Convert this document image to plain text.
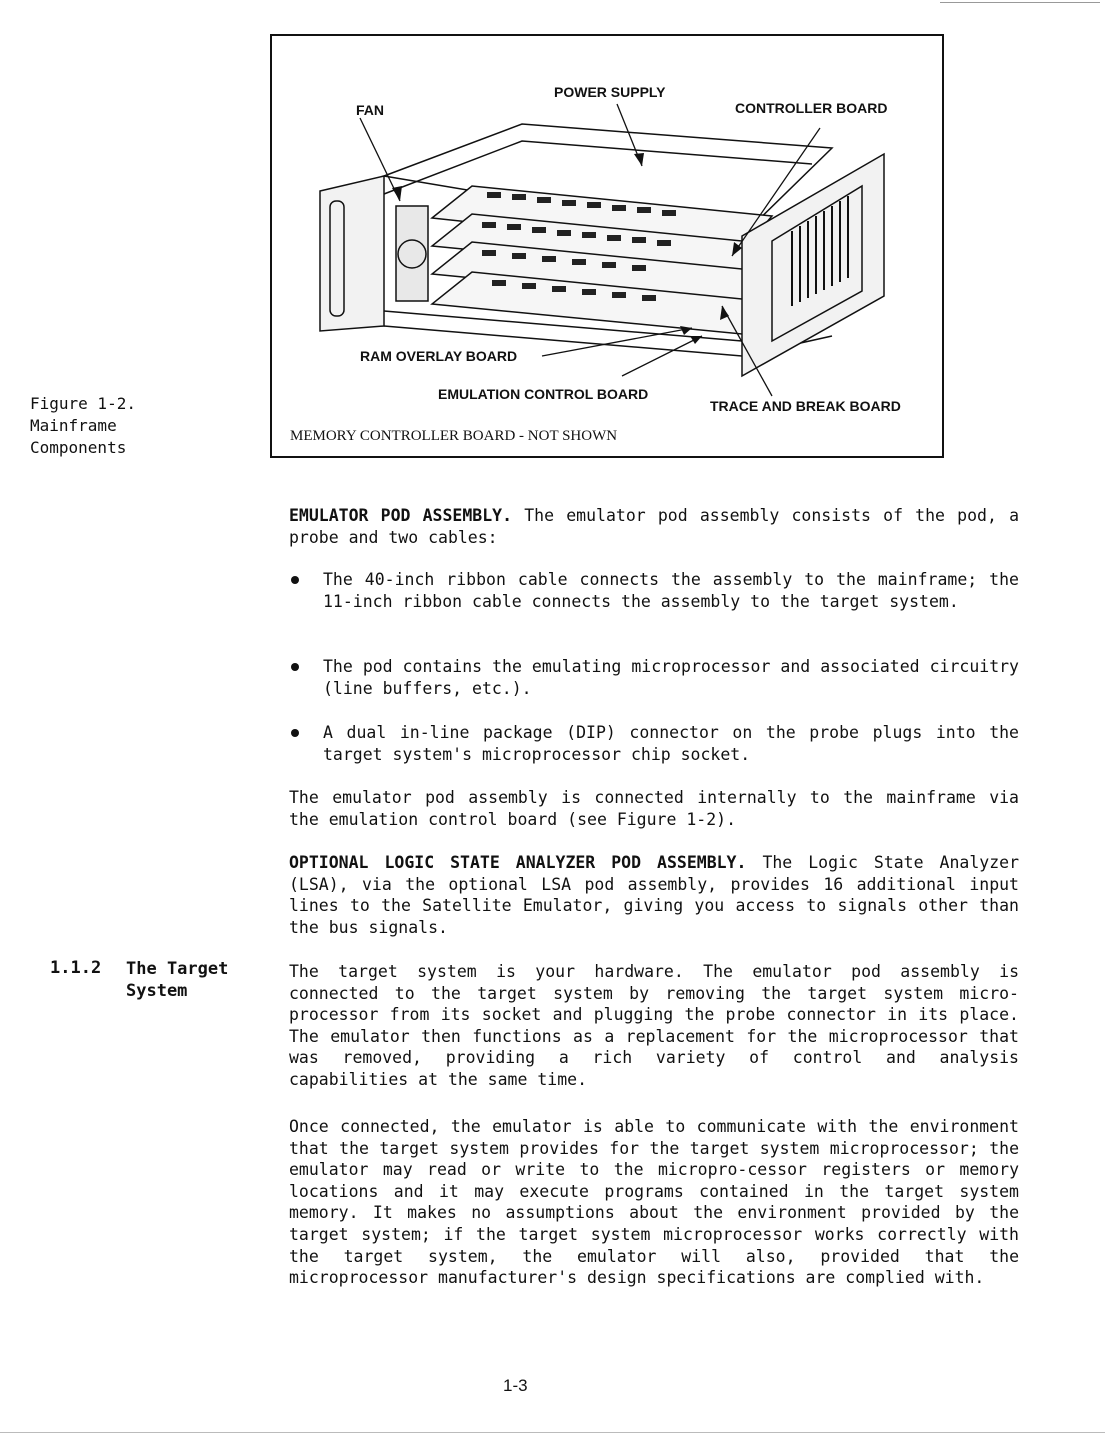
FAN
POWER SUPPLY
CONTROLLER BOARD
RAM OVERLAY BOARD
EMULATION CONTROL BOARD
TRACE AND BREAK BOARD
MEMORY CONTROLLER BOARD - NOT SHOWN
Figure 1-2.
Mainframe
Components
EMULATOR POD ASSEMBLY. The emulator pod assembly consists of the pod, a probe and two cables:
The 40-inch ribbon cable connects the assembly to the mainframe; the 11-inch ribbon cable connects the assembly to the target system.
The pod contains the emulating microprocessor and associated circuitry (line buffers, etc.).
A dual in-line package (DIP) connector on the probe plugs into the target system's microprocessor chip socket.
The emulator pod assembly is connected internally to the mainframe via the emulation control board (see Figure 1-2).
OPTIONAL LOGIC STATE ANALYZER POD ASSEMBLY. The Logic State Analyzer (LSA), via the optional LSA pod assembly, provides 16 additional input lines to the Satellite Emulator, giving you access to signals other than the bus signals.
1.1.2 The Target System
The target system is your hardware. The emulator pod assembly is connected to the target system by removing the target system micro-processor from its socket and plugging the probe connector in its place. The emulator then functions as a replacement for the microprocessor that was removed, providing a rich variety of control and analysis capabilities at the same time.
Once connected, the emulator is able to communicate with the environment that the target system provides for the target system microprocessor; the emulator may read or write to the micropro-cessor registers or memory locations and it may execute programs contained in the target system memory. It makes no assumptions about the environment provided by the target system; if the target system microprocessor works correctly with the target system, the emulator will also, provided that the microprocessor manufacturer's design specifications are complied with.
1-3
